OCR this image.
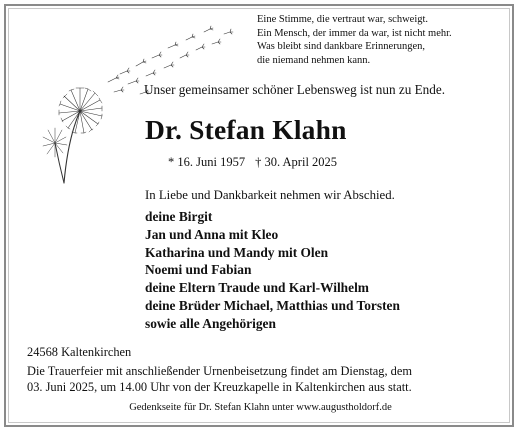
Eine Stimme, die vertraut war, schweigt.
Ein Mensch, der immer da war, ist nicht mehr.
Was bleibt sind dankbare Erinnerungen,
die niemand nehmen kann.
Unser gemeinsamer schöner Lebensweg ist nun zu Ende.
Dr. Stefan Klahn
* 16. Juni 1957 † 30. April 2025
In Liebe und Dankbarkeit nehmen wir Abschied.
deine Birgit
Jan und Anna mit Kleo
Katharina und Mandy mit Olen
Noemi und Fabian
deine Eltern Traude und Karl-Wilhelm
deine Brüder Michael, Matthias und Torsten
sowie alle Angehörigen
24568 Kaltenkirchen
Die Trauerfeier mit anschließender Urnenbeisetzung findet am Dienstag, dem
03. Juni 2025, um 14.00 Uhr von der Kreuzkapelle in Kaltenkirchen aus statt.
Gedenkseite für Dr. Stefan Klahn unter www.augustholdorf.de
